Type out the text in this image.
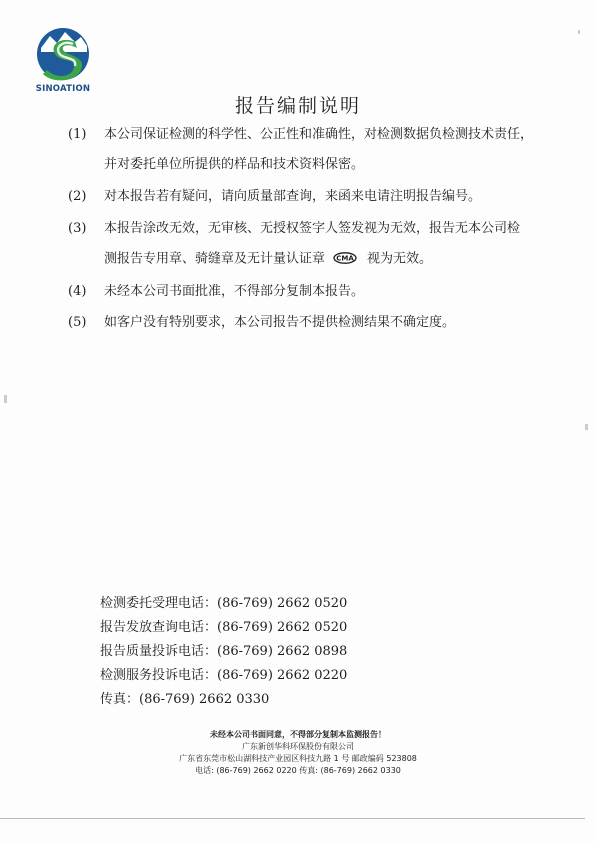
SINOATION
报告编制说明
(1) 本公司保证检测的科学性、公正性和准确性，对检测数据负检测技术责任，
并对委托单位所提供的样品和技术资料保密。
(2) 对本报告若有疑问，请向质量部查询，来函来电请注明报告编号。
(3) 本报告涂改无效，无审核、无授权签字人签发视为无效，报告无本公司检
测报告专用章、骑缝章及无计量认证章 CMA 视为无效。
(4) 未经本公司书面批准，不得部分复制本报告。
(5) 如客户没有特别要求，本公司报告不提供检测结果不确定度。
检测委托受理电话：(86-769) 2662 0520
报告发放查询电话：(86-769) 2662 0520
报告质量投诉电话：(86-769) 2662 0898
检测服务投诉电话：(86-769) 2662 0220
传真：(86-769) 2662 0330
未经本公司书面同意，不得部分复制本监测报告！
广东新创华科环保股份有限公司
广东省东莞市松山湖科技产业园区科技九路 1 号 邮政编码 523808
电话: (86-769) 2662 0220 传真: (86-769) 2662 0330
